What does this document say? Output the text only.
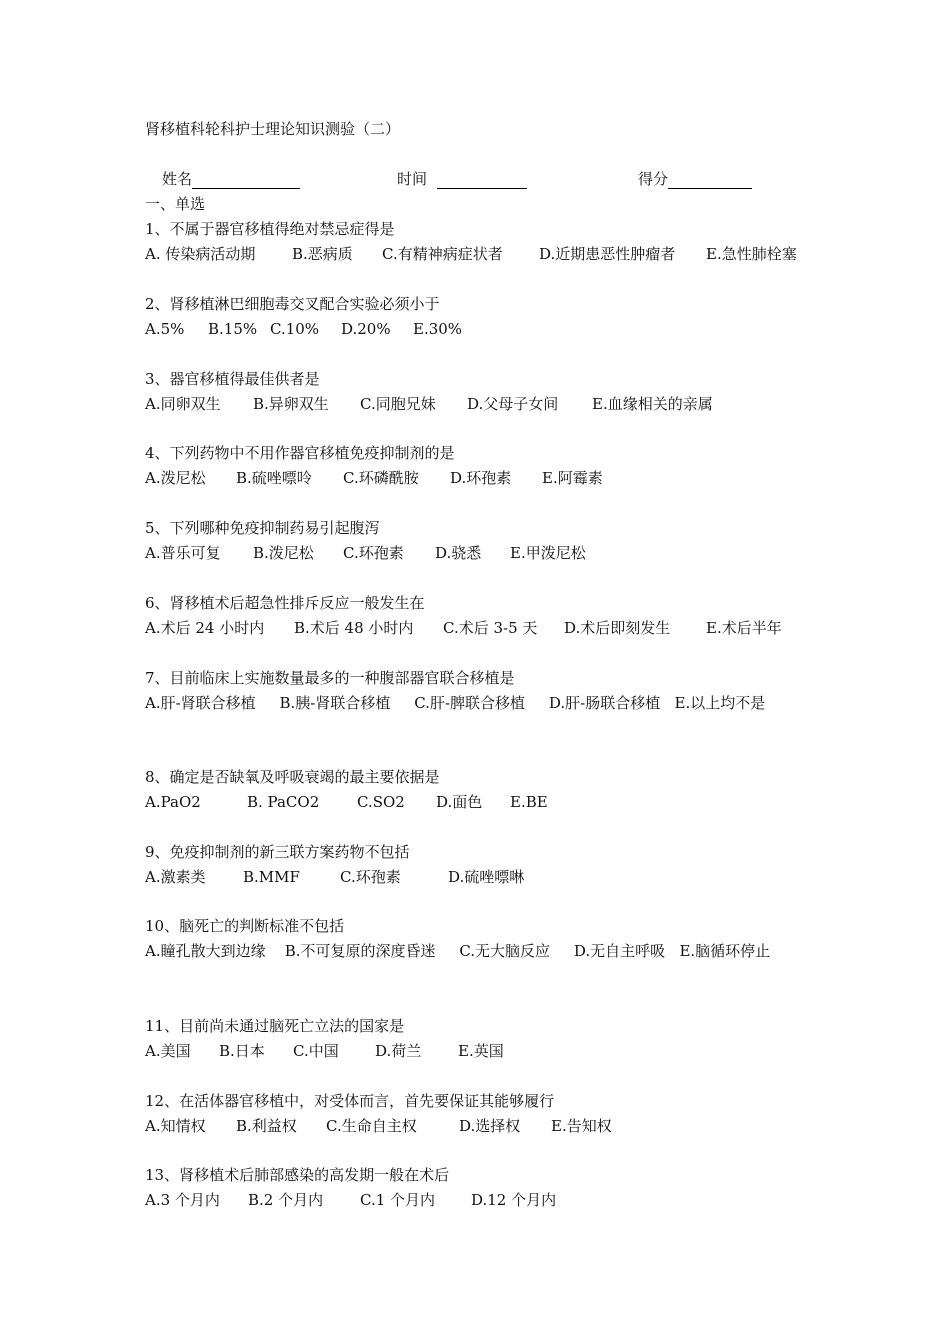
肾移植科轮科护士理论知识测验（二）
姓名	时间	得分
一、单选
1、不属于器官移植得绝对禁忌症得是
A. 传染病活动期	B.恶病质	C.有精神病症状者	D.近期患恶性肿瘤者	E.急性肺栓塞
2、肾移植淋巴细胞毒交叉配合实验必须小于
A.5%	B.15% C.10%	D.20%	E.30%
3、器官移植得最佳供者是
A.同卵双生	B.异卵双生	C.同胞兄妹	D.父母子女间	E.血缘相关的亲属
4、下列药物中不用作器官移植免疫抑制剂的是
A.泼尼松	B.硫唑嘌呤	C.环磷酰胺	D.环孢素	E.阿霉素
5、下列哪种免疫抑制药易引起腹泻
A.普乐可复	B.泼尼松	C.环孢素	D.骁悉	E.甲泼尼松
6、肾移植术后超急性排斥反应一般发生在
A.术后 24 小时内	B.术后 48 小时内	C.术后 3-5 天	D.术后即刻发生	E.术后半年
7、目前临床上实施数量最多的一种腹部器官联合移植是
A.肝-肾联合移植 B.胰-肾联合移植 C.肝-脾联合移植 D.肝-肠联合移植 E.以上均不是
8、确定是否缺氧及呼吸衰竭的最主要依据是
A.PaO2	B. PaCO2	C.SO2	D.面色	E.BE
9、免疫抑制剂的新三联方案药物不包括
A.激素类	B.MMF	C.环孢素	D.硫唑嘌啉
10、脑死亡的判断标准不包括
A.瞳孔散大到边缘 B.不可复原的深度昏迷 C.无大脑反应 D.无自主呼吸 E.脑循环停止
11、目前尚未通过脑死亡立法的国家是
A.美国	B.日本	C.中国	D.荷兰	E.英国
12、在活体器官移植中，对受体而言，首先要保证其能够履行
A.知情权	B.利益权	C.生命自主权	D.选择权	E.告知权
13、肾移植术后肺部感染的高发期一般在术后
A.3 个月内	B.2 个月内	C.1 个月内	D.12 个月内
